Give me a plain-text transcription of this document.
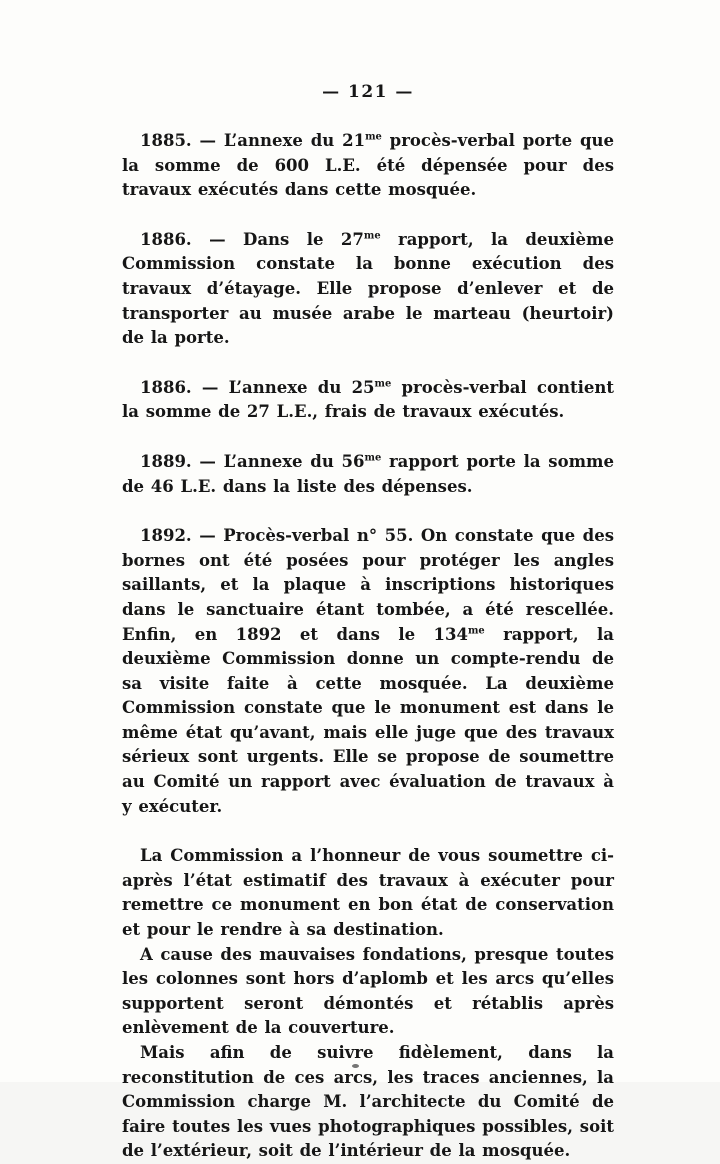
— 121 —

1885. — L’annexe du $21^{me}$ procès-verbal porte que la somme de 600 L.E. été dépensée pour des travaux exécutés dans cette mosquée.

1886. — Dans le $27^{me}$ rapport, la deuxième Commission constate la bonne exécution des travaux d’étayage. Elle propose d’enlever et de transporter au musée arabe le marteau (heurtoir) de la porte.

1886. — L’annexe du $25^{me}$ procès-verbal contient la somme de 27 L.E., frais de travaux exécutés.

1889. — L’annexe du $56^{me}$ rapport porte la somme de 46 L.E. dans la liste des dépenses.

1892. — Procès-verbal n° 55. On constate que des bornes ont été posées pour protéger les angles saillants, et la plaque à inscriptions historiques dans le sanctuaire étant tombée, a été rescellée. Enfin, en 1892 et dans le $134^{me}$ rapport, la deuxième Commission donne un compte-rendu de sa visite faite à cette mosquée. La deuxième Commission constate que le monument est dans le même état qu’avant, mais elle juge que des travaux sérieux sont urgents. Elle se propose de soumettre au Comité un rapport avec évaluation de travaux à y exécuter.

La Commission a l’honneur de vous soumettre ci-après l’état estimatif des travaux à exécuter pour remettre ce monument en bon état de conservation et pour le rendre à sa destination.

A cause des mauvaises fondations, presque toutes les colonnes sont hors d’aplomb et les arcs qu’elles supportent seront démontés et rétablis après enlèvement de la couverture.

Mais afin de suivre fidèlement, dans la reconstitution de ces arcs, les traces anciennes, la Commission charge M. l’architecte du Comité de faire toutes les vues photographiques possibles, soit de l’extérieur, soit de l’intérieur de la mosquée.
